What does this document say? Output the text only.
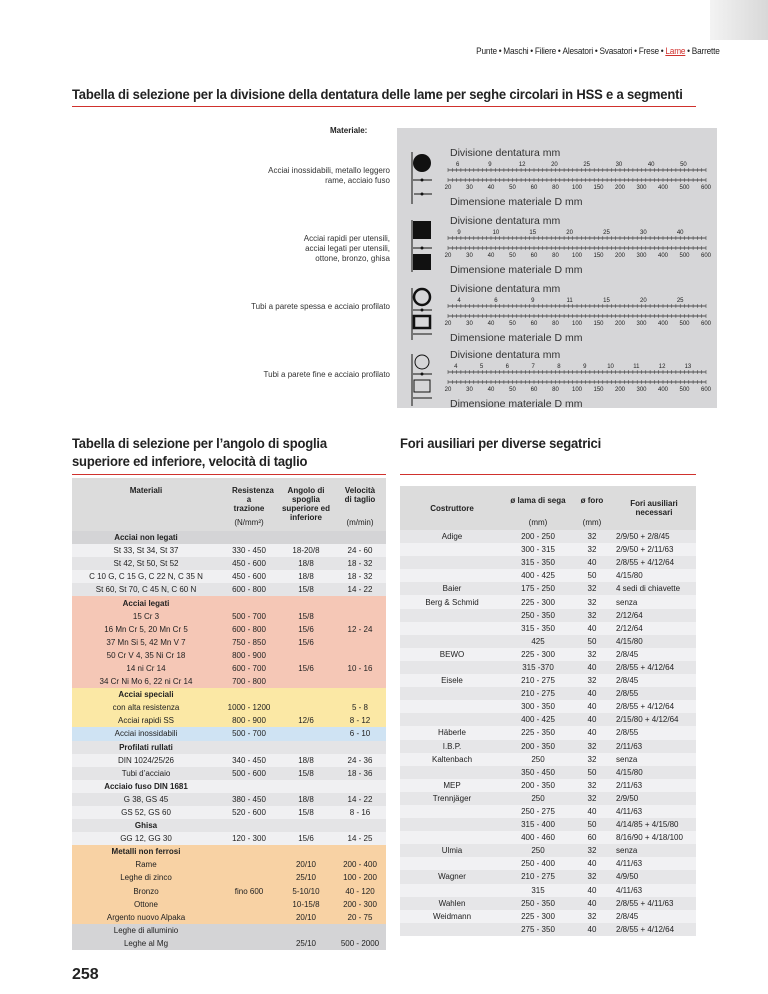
Punte • Maschi • Filiere • Alesatori • Svasatori • Frese • Lame • Barrette
Tabella di selezione per la divisione della dentatura delle lame per seghe circolari in HSS e a segmenti
Materiale:
Acciai inossidabili, metallo leggero
rame, acciaio fuso
Acciai rapidi per utensili,
acciai legati per utensili,
ottone, bronzo, ghisa
Tubi a parete spessa e acciaio profilato
Tubi a parete fine e acciaio profilato
Divisione dentatura mm
6	9	12	20	25	30	40	50
20 30 40 50 60 80 100 150 200 300 400 500 600
Dimensione materiale D mm
Divisione dentatura mm
9	10	15	20	25	30	40
20 30 40 50 60 80 100 150 200 300 400 500 600
Dimensione materiale D mm
Divisione dentatura mm
4	6	9	11	15	20	25
20 30 40 50 60 80 100 150 200 300 400 500 600
Dimensione materiale D mm
Divisione dentatura mm
4	5	6	7	8	9	10	11	12	13
20 30 40 50 60 80 100 150 200 300 400 500 600
Dimensione materiale D mm
Tabella di selezione per l’angolo di spoglia superiore ed inferiore, velocità di taglio
Fori ausiliari per diverse segatrici
Materiali	Resistenza a trazione	Angolo di spoglia superiore ed inferiore	Velocità di taglio
	(N/mm²)		(m/min)
Acciai non legati			
St 33, St 34, St 37	330 - 450	18-20/8	24 - 60
St 42, St 50, St 52	450 - 600	18/8	18 - 32
C 10 G, C 15 G, C 22 N, C 35 N	450 - 600	18/8	18 - 32
St 60, St 70, C 45 N, C 60 N	600 - 800	15/8	14 - 22
Acciai legati			
15 Cr 3	500 - 700	15/8	
16 Mn Cr 5, 20 Mn Cr 5	600 - 800	15/6	12 - 24
37 Mn Si 5, 42 Mn V 7	750 - 850	15/6	
50 Cr V 4, 35 Ni Cr 18	800 - 900		
14 ni Cr 14	600 - 700	15/6	10 - 16
34 Cr Ni Mo 6, 22 ni Cr 14	700 - 800		
Acciai speciali			
con alta resistenza	1000 - 1200		5 - 8
Acciai rapidi SS	800 - 900	12/6	8 - 12
Acciai inossidabili	500 - 700		6 - 10
Profilati rullati			
DIN 1024/25/26	340 - 450	18/8	24 - 36
Tubi d’acciaio	500 - 600	15/8	18 - 36
Acciaio fuso DIN 1681			
G 38, GS 45	380 - 450	18/8	14 - 22
GS 52, GS 60	520 - 600	15/8	8 - 16
Ghisa			
GG 12, GG 30	120 - 300	15/6	14 - 25
Metalli non ferrosi			
Rame		20/10	200 - 400
Leghe di zinco		25/10	100 - 200
Bronzo	fino 600	5-10/10	40 - 120
Ottone		10-15/8	200 - 300
Argento nuovo Alpaka		20/10	20 - 75
Leghe di alluminio			
Leghe al Mg		25/10	500 - 2000
Costruttore	ø lama di sega	ø foro	Fori ausiliari necessari
	(mm)	(mm)	
Adige	200 - 250	32	2/9/50 + 2/8/45
	300 - 315	32	2/9/50 + 2/11/63
	315 - 350	40	2/8/55 + 4/12/64
	400 - 425	50	4/15/80
Baier	175 - 250	32	4 sedi di chiavette
Berg & Schmid	225 - 300	32	senza
	250 - 350	32	2/12/64
	315 - 350	40	2/12/64
	425	50	4/15/80
BEWO	225 - 300	32	2/8/45
	315 -370	40	2/8/55 + 4/12/64
Eisele	210 - 275	32	2/8/45
	210 - 275	40	2/8/55
	300 - 350	40	2/8/55 + 4/12/64
	400 - 425	40	2/15/80 + 4/12/64
Häberle	225 - 350	40	2/8/55
I.B.P.	200 - 350	32	2/11/63
Kaltenbach	250	32	senza
	350 - 450	50	4/15/80
MEP	200 - 350	32	2/11/63
Trennjäger	250	32	2/9/50
	250 - 275	40	4/11/63
	315 - 400	50	4/14/85 + 4/15/80
	400 - 460	60	8/16/90 + 4/18/100
Ulmia	250	32	senza
	250 - 400	40	4/11/63
Wagner	210 - 275	32	4/9/50
	315	40	4/11/63
Wahlen	250 - 350	40	2/8/55 + 4/11/63
Weidmann	225 - 300	32	2/8/45
	275 - 350	40	2/8/55 + 4/12/64
258
